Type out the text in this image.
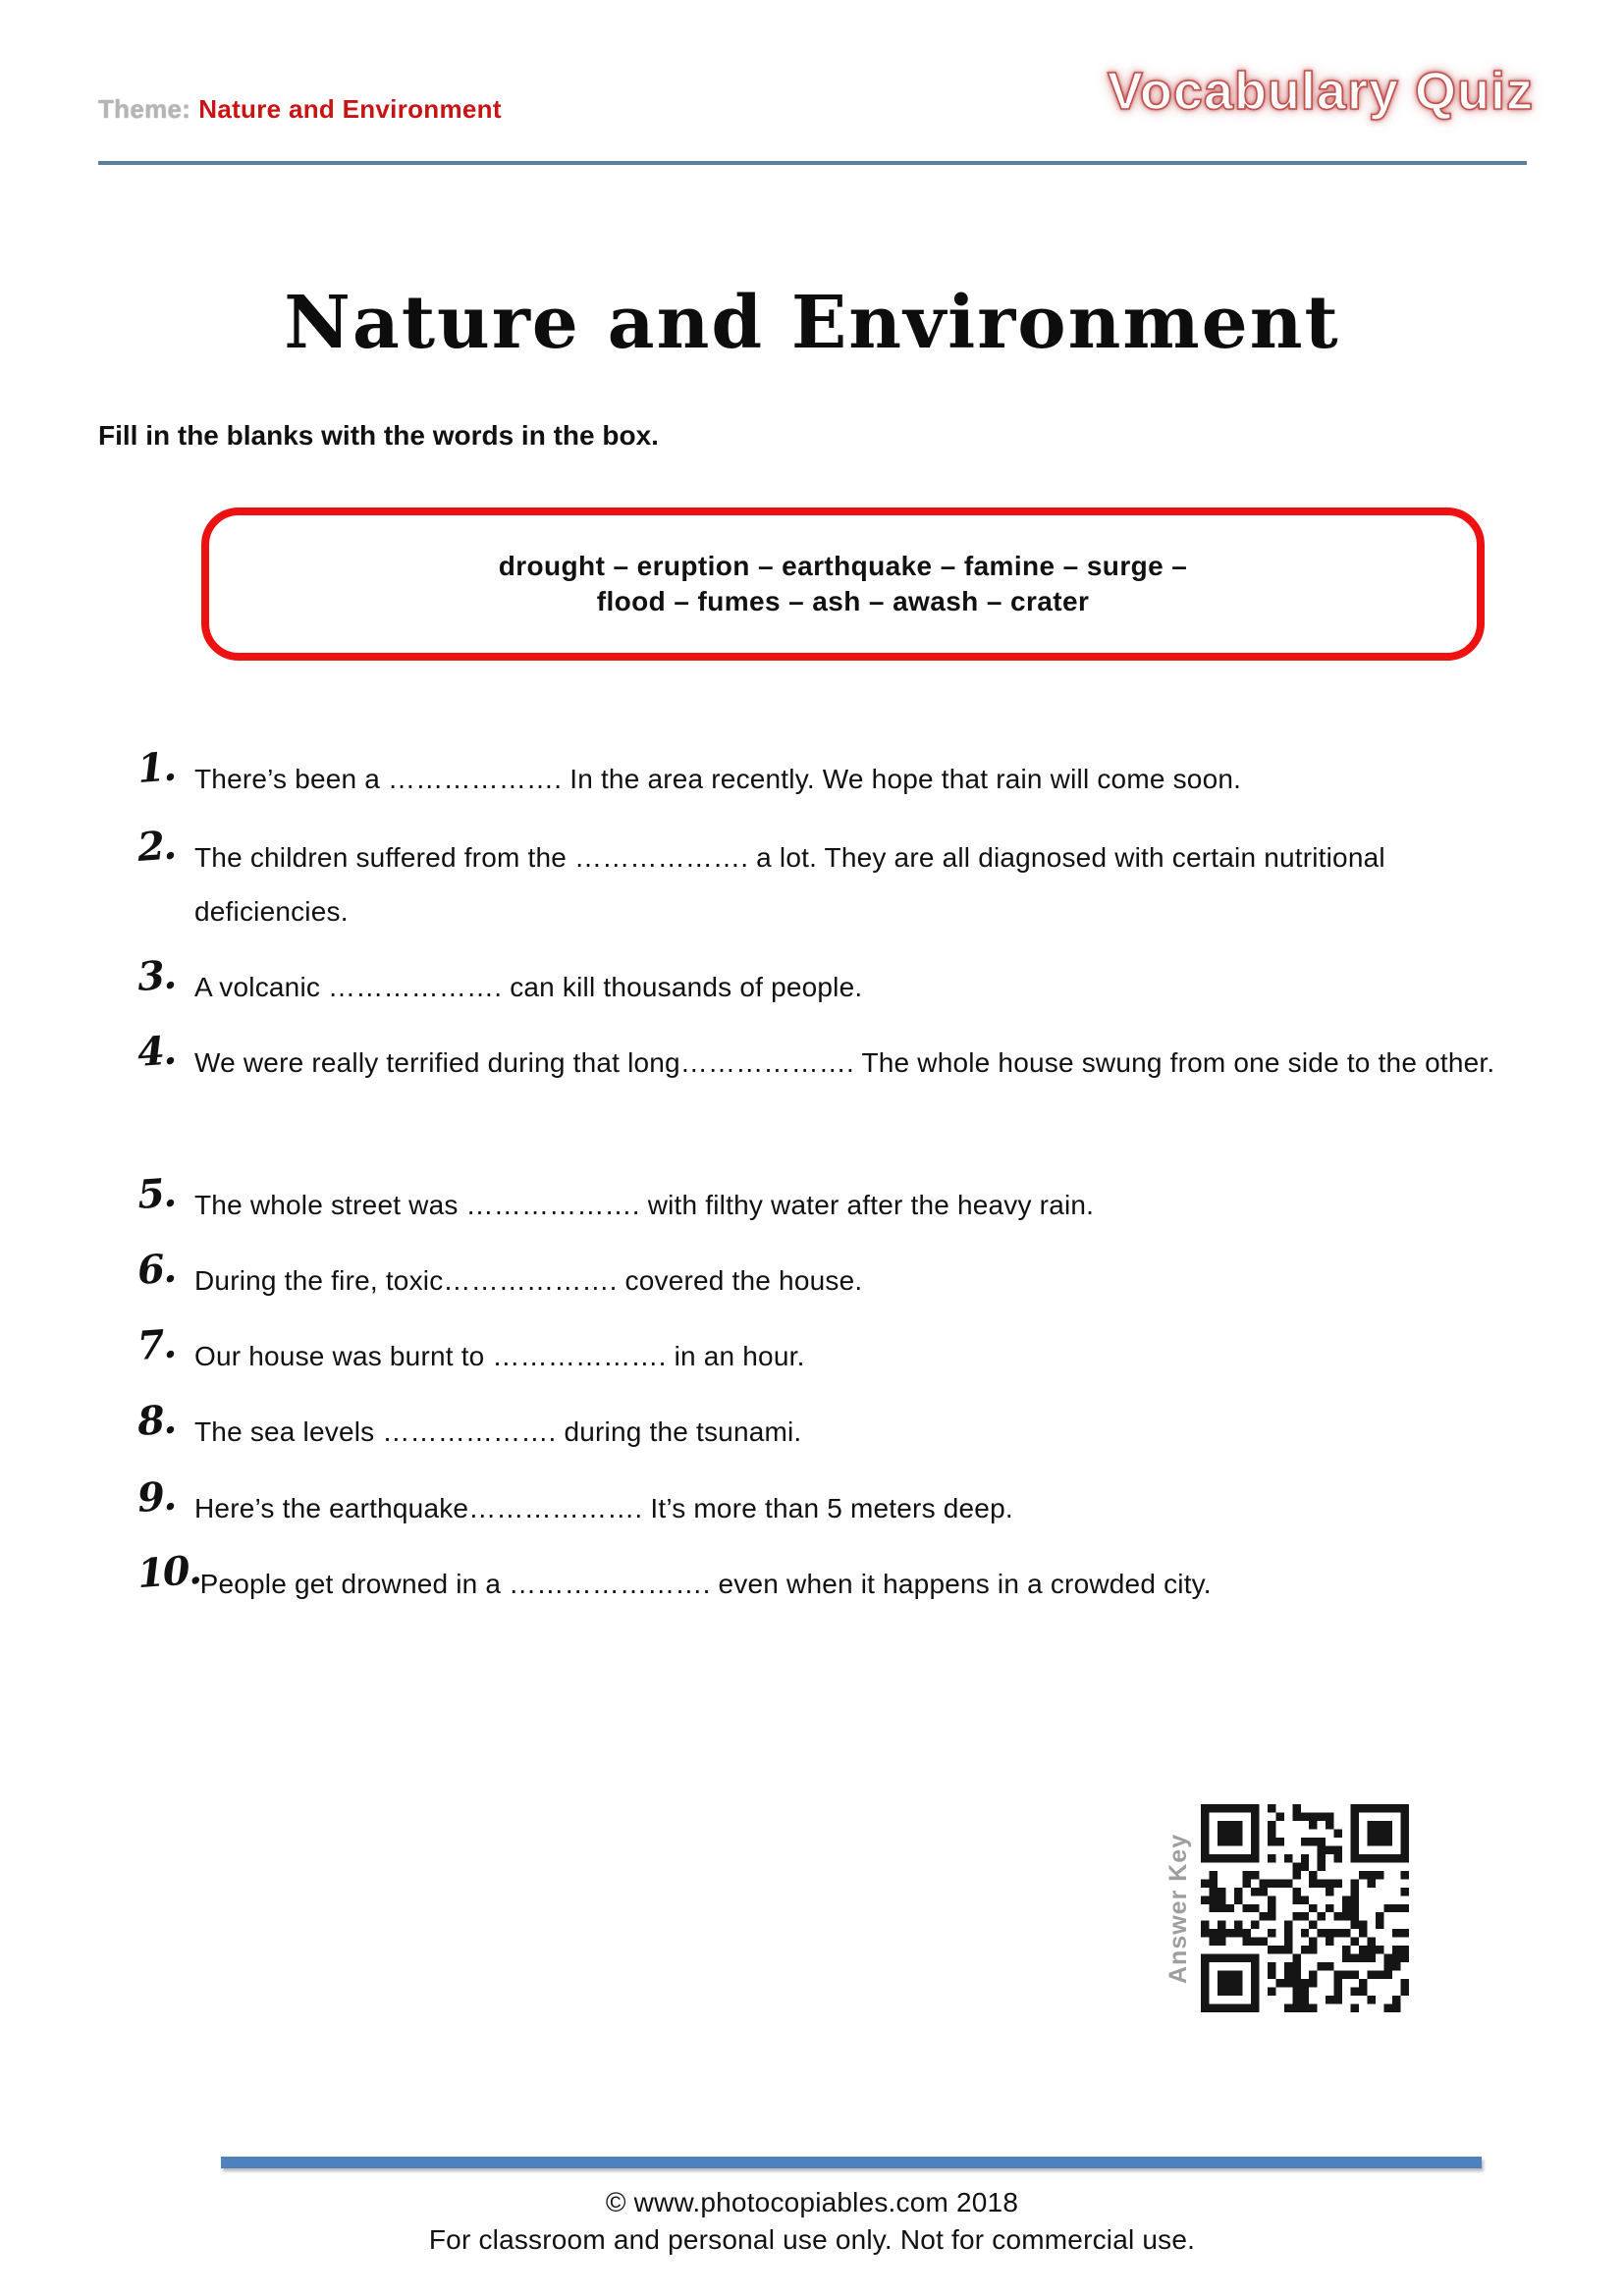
Theme: Nature and Environment	Vocabulary Quiz
Nature and Environment

Fill in the blanks with the words in the box.

drought – eruption – earthquake – famine – surge –
flood – fumes – ash – awash – crater
1. There’s been a ………………. In the area recently. We hope that rain will come soon.
2. The children suffered from the ………………. a lot. They are all diagnosed with certain nutritional deficiencies.
3. A volcanic ………………. can kill thousands of people.
4. We were really terrified during that long………………. The whole house swung from one side to the other.
5. The whole street was ………………. with filthy water after the heavy rain.
6. During the fire, toxic………………. covered the house.
7. Our house was burnt to ………………. in an hour.
8. The sea levels ………………. during the tsunami.
9. Here’s the earthquake………………. It’s more than 5 meters deep.
10.
People get drowned in a …………………. even when it happens in a crowded city.
Answer Key

© www.photocopiables.com 2018

For classroom and personal use only. Not for commercial use.
